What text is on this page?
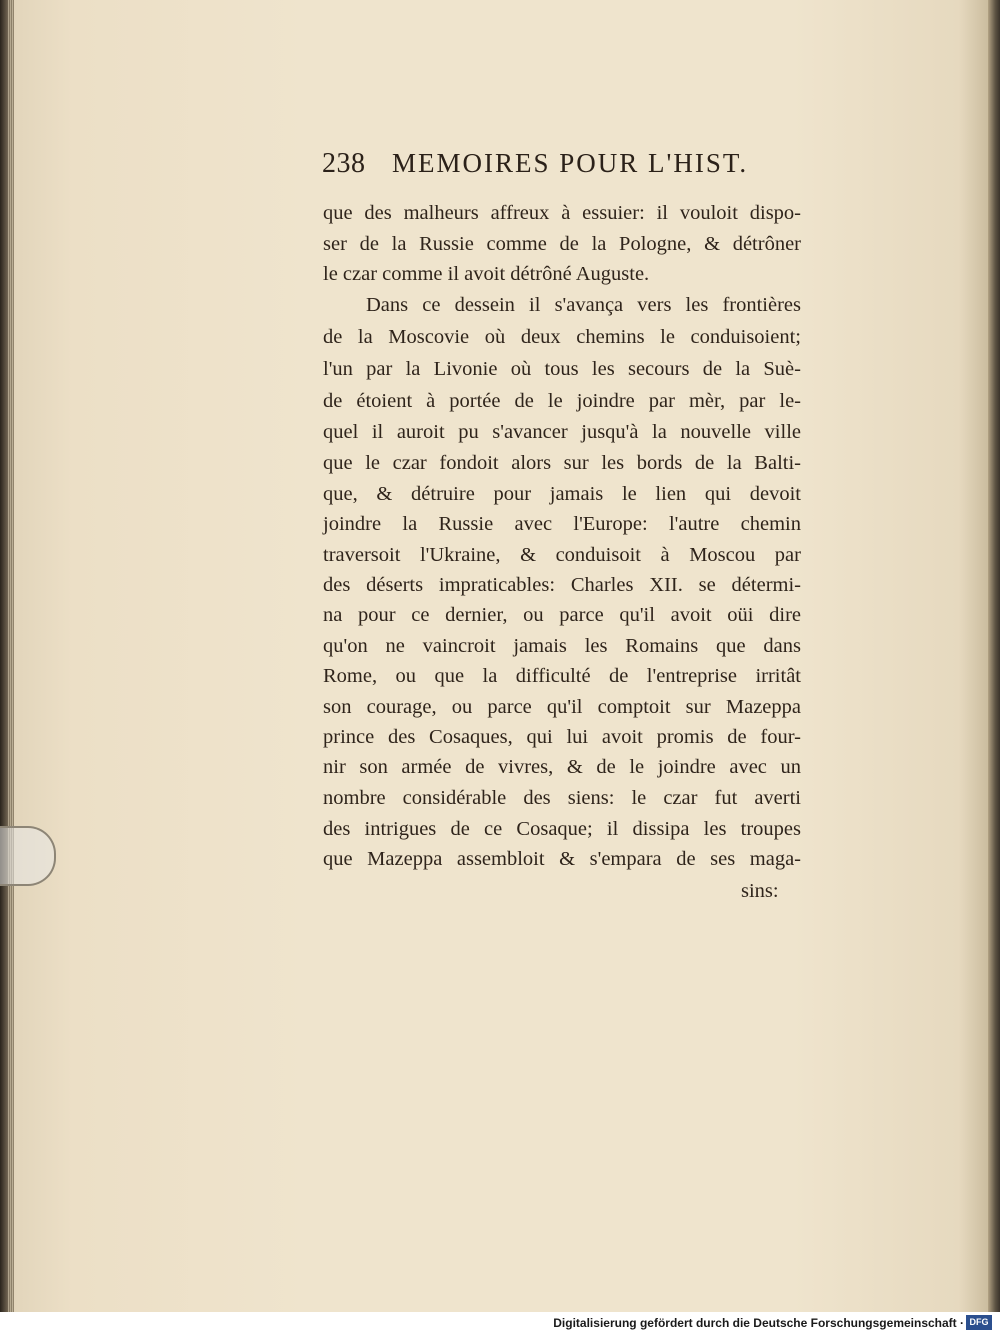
238 MEMOIRES POUR L'HIST.
que des malheurs affreux à essuier: il vouloit dispo-
ser de la Russie comme de la Pologne, & détrôner
le czar comme il avoit détrôné Auguste.
Dans ce dessein il s'avança vers les frontières
de la Moscovie où deux chemins le conduisoient;
l'un par la Livonie où tous les secours de la Suè-
de étoient à portée de le joindre par mèr, par le-
quel il auroit pu s'avancer jusqu'à la nouvelle ville
que le czar fondoit alors sur les bords de la Balti-
que, & détruire pour jamais le lien qui devoit
joindre la Russie avec l'Europe: l'autre chemin
traversoit l'Ukraine, & conduisoit à Moscou par
des déserts impraticables: Charles XII. se détermi-
na pour ce dernier, ou parce qu'il avoit oüi dire
qu'on ne vaincroit jamais les Romains que dans
Rome, ou que la difficulté de l'entreprise irritât
son courage, ou parce qu'il comptoit sur Mazeppa
prince des Cosaques, qui lui avoit promis de four-
nir son armée de vivres, & de le joindre avec un
nombre considérable des siens: le czar fut averti
des intrigues de ce Cosaque; il dissipa les troupes
que Mazeppa assembloit & s'empara de ses maga-
sins:
Digitalisierung gefördert durch die Deutsche Forschungsgemeinschaft · DFG
